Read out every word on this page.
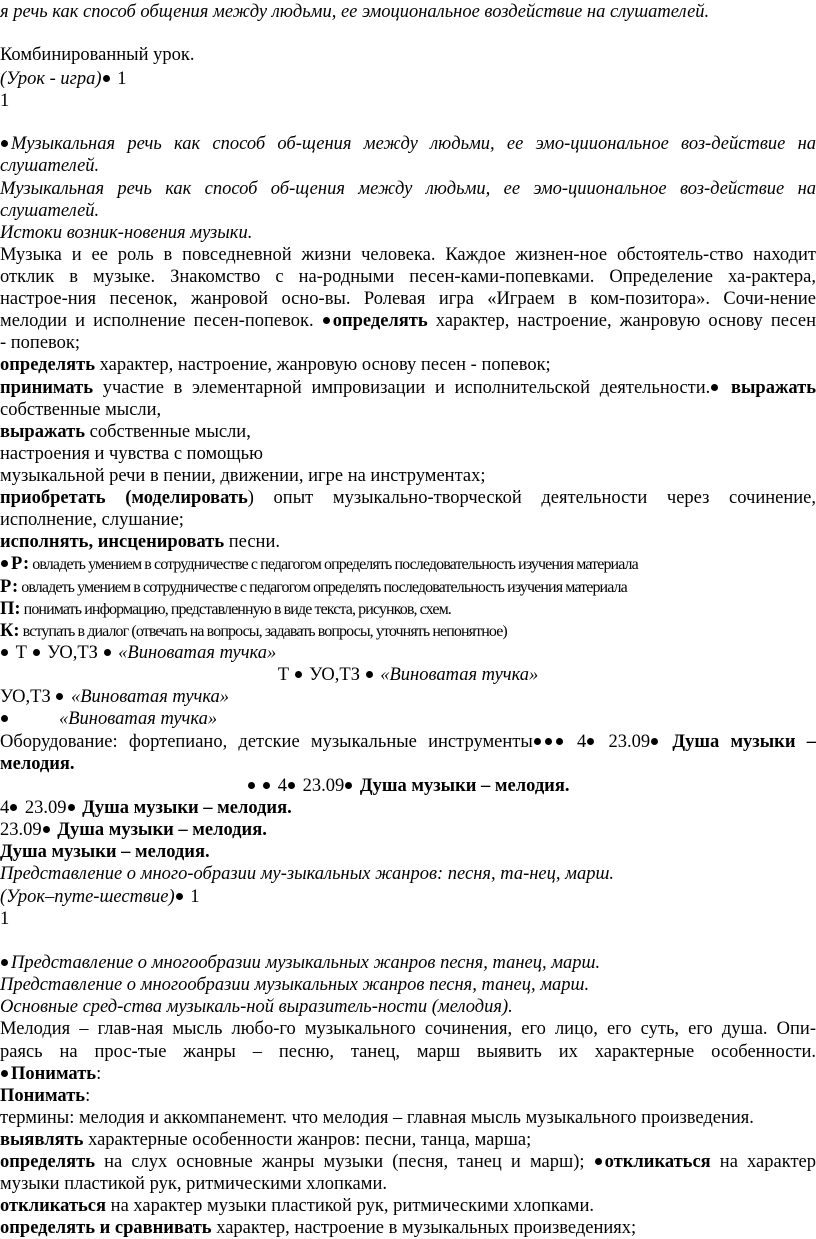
я речь как способ общения между людьми, ее эмоциональное воздействие на слушателей.
Комбинированный урок.
(Урок - игра) 1
1
Музыкальная речь как способ об-щения между людьми, ее эмо-цииональное воз-действие на
слушателей.
Музыкальная речь как способ об-щения между людьми, ее эмо-цииональное воз-действие на
слушателей.
Истоки возник-новения музыки.
Музыка и ее роль в повседневной жизни человека. Каждое жизнен-ное обстоятель-ство находит
отклик в музыке. Знакомство с на-родными песен-ками-попевками. Определение ха-рактера,
настрое-ния песенок, жанровой осно-вы. Ролевая игра «Играем в ком-позитора». Сочи-нение
мелодии и исполнение песен-попевок. определять характер, настроение, жанровую основу песен
- попевок;
определять характер, настроение, жанровую основу песен - попевок;
принимать участие в элементарной импровизации и исполнительской деятельности. выражать
собственные мысли,
выражать собственные мысли,
настроения и чувства с помощью
музыкальной речи в пении, движении, игре на инструментах;
приобретать (моделировать) опыт музыкально-творческой деятельности через сочинение,
исполнение, слушание;
исполнять, инсценировать песни.
Р: овладеть умением в сотрудничестве с педагогом определять последовательность изучения материала
Р: овладеть умением в сотрудничестве с педагогом определять последовательность изучения материала
П: понимать информацию, представленную в виде текста, рисунков, схем.
К: вступать в диалог (отвечать на вопросы, задавать вопросы, уточнять непонятное)
Т  УО,ТЗ  «Виноватая тучка»
Т  УО,ТЗ  «Виноватая тучка»
УО,ТЗ  «Виноватая тучка»
«Виноватая тучка»
Оборудование: фортепиано, детские музыкальные инструменты 4 23.09 Душа музыки –
мелодия.
4 23.09 Душа музыки – мелодия.
4 23.09 Душа музыки – мелодия.
23.09 Душа музыки – мелодия.
Душа музыки – мелодия.
Представление о много-образии му-зыкальных жанров: песня, та-нец, марш.
(Урок–путе-шествие) 1
1
Представление о многообразии музыкальных жанров песня, танец, марш.
Представление о многообразии музыкальных жанров песня, танец, марш.
Основные сред-ства музыкаль-ной выразитель-ности (мелодия).
Мелодия – глав-ная мысль любо-го музыкального сочинения, его лицо, его суть, его душа. Опи-
раясь на прос-тые жанры – песню, танец, марш выявить их характерные особенности.
Понимать:
Понимать:
термины: мелодия и аккомпанемент. что мелодия – главная мысль музыкального произведения.
выявлять характерные особенности жанров: песни, танца, марша;
определять на слух основные жанры музыки (песня, танец и марш); откликаться на характер
музыки пластикой рук, ритмическими хлопками.
откликаться на характер музыки пластикой рук, ритмическими хлопками.
определять и сравнивать характер, настроение в музыкальных произведениях;
